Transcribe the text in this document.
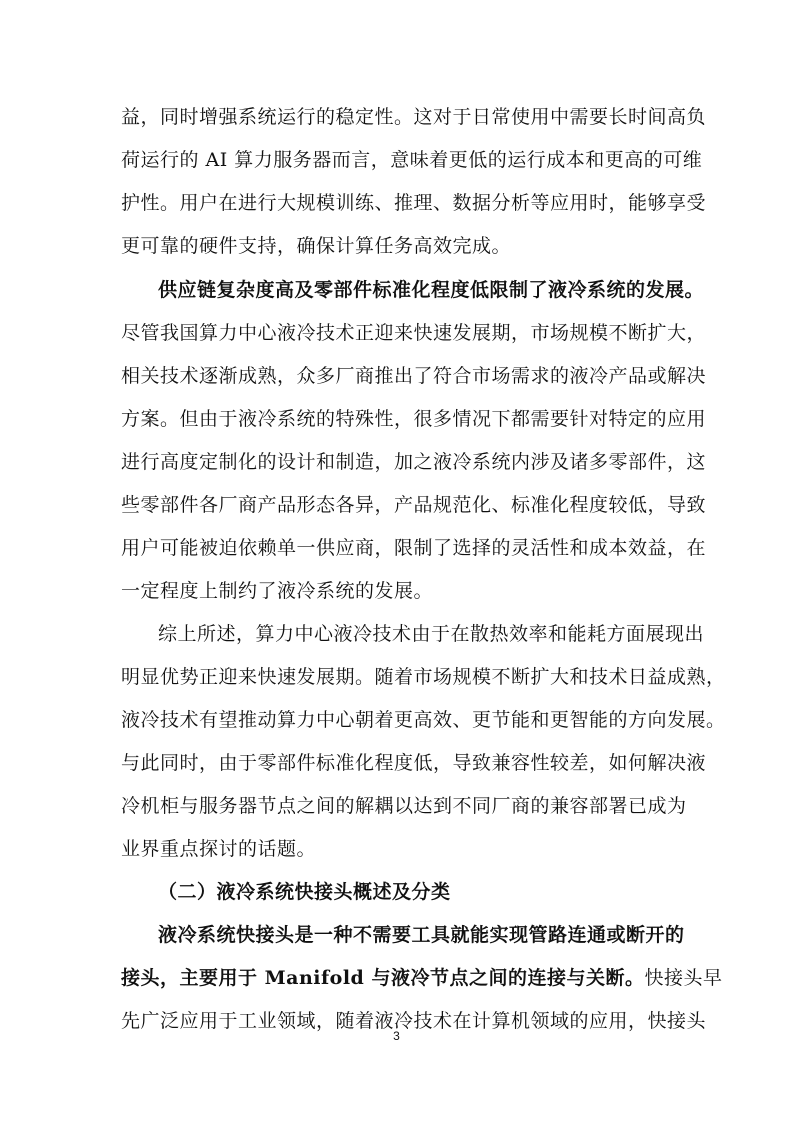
益，同时增强系统运行的稳定性。这对于日常使用中需要长时间高负
荷运行的 AI 算力服务器而言，意味着更低的运行成本和更高的可维
护性。用户在进行大规模训练、推理、数据分析等应用时，能够享受
更可靠的硬件支持，确保计算任务高效完成。
供应链复杂度高及零部件标准化程度低限制了液冷系统的发展。
尽管我国算力中心液冷技术正迎来快速发展期，市场规模不断扩大，
相关技术逐渐成熟，众多厂商推出了符合市场需求的液冷产品或解决
方案。但由于液冷系统的特殊性，很多情况下都需要针对特定的应用
进行高度定制化的设计和制造，加之液冷系统内涉及诸多零部件，这
些零部件各厂商产品形态各异，产品规范化、标准化程度较低，导致
用户可能被迫依赖单一供应商，限制了选择的灵活性和成本效益，在
一定程度上制约了液冷系统的发展。
综上所述，算力中心液冷技术由于在散热效率和能耗方面展现出
明显优势正迎来快速发展期。随着市场规模不断扩大和技术日益成熟，
液冷技术有望推动算力中心朝着更高效、更节能和更智能的方向发展。
与此同时，由于零部件标准化程度低，导致兼容性较差，如何解决液
冷机柜与服务器节点之间的解耦以达到不同厂商的兼容部署已成为
业界重点探讨的话题。
（二）液冷系统快接头概述及分类
液冷系统快接头是一种不需要工具就能实现管路连通或断开的
接头，主要用于 Manifold 与液冷节点之间的连接与关断。快接头早
先广泛应用于工业领域，随着液冷技术在计算机领域的应用，快接头
3
